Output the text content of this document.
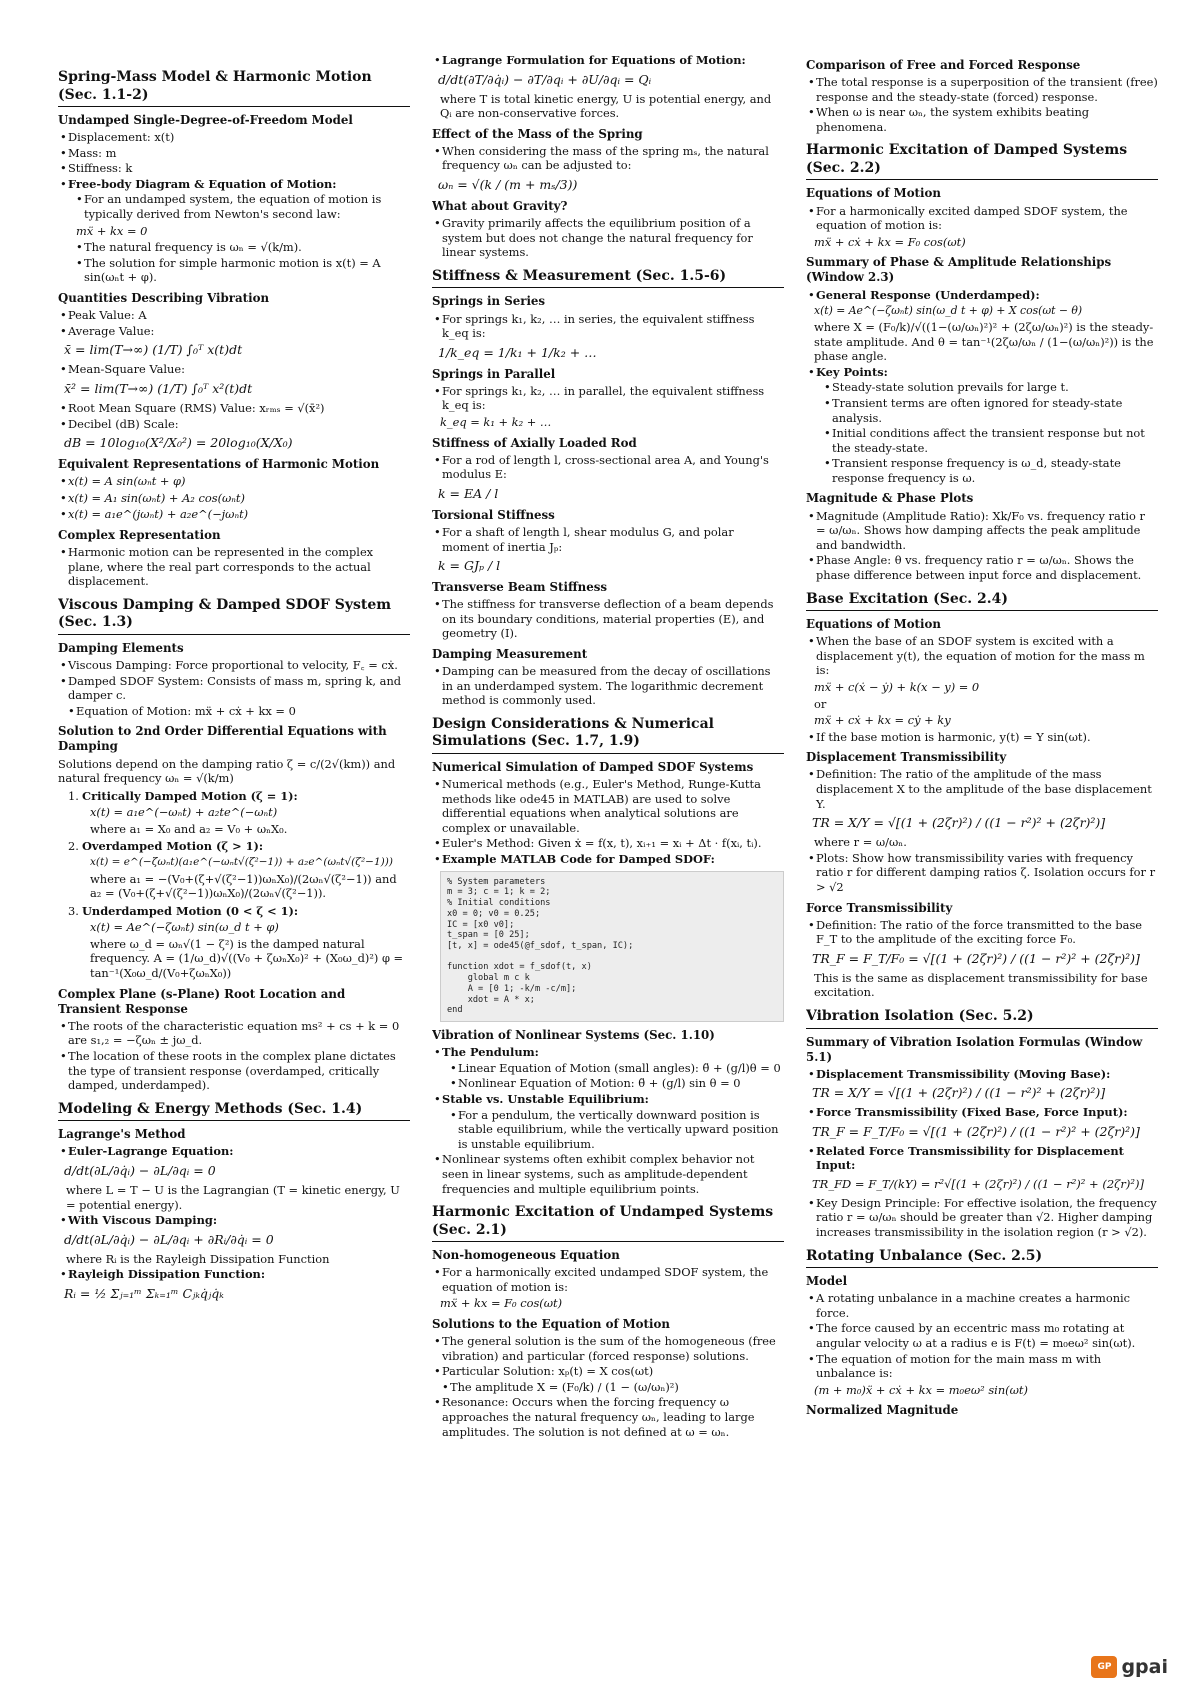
Spring-Mass Model & Harmonic Motion (Sec. 1.1-2)
Undamped Single-Degree-of-Freedom Model
• Displacement: x(t)
• Mass: m
• Stiffness: k
• Free-body Diagram & Equation of Motion:
• For an undamped system, the equation of motion is typically derived from Newton's second law:
mẍ + kx = 0
• The natural frequency is ωₙ = √(k/m).
• The solution for simple harmonic motion is x(t) = A sin(ωₙt + φ).
Quantities Describing Vibration
• Peak Value: A
• Average Value:
x̄ = lim(T→∞) (1/T) ∫₀ᵀ x(t)dt
• Mean-Square Value:
x̄² = lim(T→∞) (1/T) ∫₀ᵀ x²(t)dt
• Root Mean Square (RMS) Value: xᵣₘₛ = √(x̄²)
• Decibel (dB) Scale:
dB = 10log₁₀(X²/X₀²) = 20log₁₀(X/X₀)
Equivalent Representations of Harmonic Motion
• x(t) = A sin(ωₙt + φ)
• x(t) = A₁ sin(ωₙt) + A₂ cos(ωₙt)
• x(t) = a₁e^(jωₙt) + a₂e^(−jωₙt)
Complex Representation
• Harmonic motion can be represented in the complex plane, where the real part corresponds to the actual displacement.
Viscous Damping & Damped SDOF System (Sec. 1.3)
Damping Elements
• Viscous Damping: Force proportional to velocity, F꜀ = cẋ.
• Damped SDOF System: Consists of mass m, spring k, and damper c.
• Equation of Motion: mẍ + cẋ + kx = 0
Solution to 2nd Order Differential Equations with Damping
Solutions depend on the damping ratio ζ = c/(2√(km)) and natural frequency ωₙ = √(k/m)
1. Critically Damped Motion (ζ = 1):
x(t) = a₁e^(−ωₙt) + a₂te^(−ωₙt)
where a₁ = X₀ and a₂ = V₀ + ωₙX₀.
2. Overdamped Motion (ζ > 1):
x(t) = e^(−ζωₙt)(a₁e^(−ωₙt√(ζ²−1)) + a₂e^(ωₙt√(ζ²−1)))
where a₁ = −(V₀+(ζ+√(ζ²−1))ωₙX₀)/(2ωₙ√(ζ²−1)) and a₂ = (V₀+(ζ+√(ζ²−1))ωₙX₀)/(2ωₙ√(ζ²−1)).
3. Underdamped Motion (0 < ζ < 1):
x(t) = Ae^(−ζωₙt) sin(ω_d t + φ)
where ω_d = ωₙ√(1 − ζ²) is the damped natural frequency. A = (1/ω_d)√((V₀ + ζωₙX₀)² + (X₀ω_d)²) φ = tan⁻¹(X₀ω_d/(V₀+ζωₙX₀))
Complex Plane (s-Plane) Root Location and Transient Response
• The roots of the characteristic equation ms² + cs + k = 0 are s₁,₂ = −ζωₙ ± jω_d.
• The location of these roots in the complex plane dictates the type of transient response (overdamped, critically damped, underdamped).
Modeling & Energy Methods (Sec. 1.4)
Lagrange's Method
• Euler-Lagrange Equation:
d/dt(∂L/∂q̇ᵢ) − ∂L/∂qᵢ = 0
where L = T − U is the Lagrangian (T = kinetic energy, U = potential energy).
• With Viscous Damping:
d/dt(∂L/∂q̇ᵢ) − ∂L/∂qᵢ + ∂Rᵢ/∂q̇ᵢ = 0
where Rᵢ is the Rayleigh Dissipation Function
• Rayleigh Dissipation Function:
Rᵢ = ½ Σⱼ₌₁ᵐ Σₖ₌₁ᵐ Cⱼₖq̇ⱼq̇ₖ
• Lagrange Formulation for Equations of Motion:
d/dt(∂T/∂q̇ᵢ) − ∂T/∂qᵢ + ∂U/∂qᵢ = Qᵢ
where T is total kinetic energy, U is potential energy, and Qᵢ are non-conservative forces.
Effect of the Mass of the Spring
• When considering the mass of the spring mₛ, the natural frequency ωₙ can be adjusted to:
ωₙ = √(k / (m + mₛ/3))
What about Gravity?
• Gravity primarily affects the equilibrium position of a system but does not change the natural frequency for linear systems.
Stiffness & Measurement (Sec. 1.5-6)
Springs in Series
• For springs k₁, k₂, … in series, the equivalent stiffness k_eq is:
1/k_eq = 1/k₁ + 1/k₂ + …
Springs in Parallel
• For springs k₁, k₂, … in parallel, the equivalent stiffness k_eq is:
k_eq = k₁ + k₂ + …
Stiffness of Axially Loaded Rod
• For a rod of length l, cross-sectional area A, and Young's modulus E:
k = EA / l
Torsional Stiffness
• For a shaft of length l, shear modulus G, and polar moment of inertia Jₚ:
k = GJₚ / l
Transverse Beam Stiffness
• The stiffness for transverse deflection of a beam depends on its boundary conditions, material properties (E), and geometry (I).
Damping Measurement
• Damping can be measured from the decay of oscillations in an underdamped system. The logarithmic decrement method is commonly used.
Design Considerations & Numerical Simulations (Sec. 1.7, 1.9)
Numerical Simulation of Damped SDOF Systems
• Numerical methods (e.g., Euler's Method, Runge-Kutta methods like ode45 in MATLAB) are used to solve differential equations when analytical solutions are complex or unavailable.
• Euler's Method: Given ẋ = f(x, t), xᵢ₊₁ = xᵢ + Δt · f(xᵢ, tᵢ).
• Example MATLAB Code for Damped SDOF:
% System parameters
m = 3; c = 1; k = 2;
% Initial conditions
x0 = 0; v0 = 0.25;
IC = [x0 v0];
t_span = [0 25];
[t, x] = ode45(@f_sdof, t_span, IC);

function xdot = f_sdof(t, x)
global m c k
A = [0 1; -k/m -c/m];
xdot = A * x;
end
Vibration of Nonlinear Systems (Sec. 1.10)
• The Pendulum:
• Linear Equation of Motion (small angles): θ̈ + (g/l)θ = 0
• Nonlinear Equation of Motion: θ̈ + (g/l) sin θ = 0
• Stable vs. Unstable Equilibrium:
• For a pendulum, the vertically downward position is stable equilibrium, while the vertically upward position is unstable equilibrium.
• Nonlinear systems often exhibit complex behavior not seen in linear systems, such as amplitude-dependent frequencies and multiple equilibrium points.
Harmonic Excitation of Undamped Systems (Sec. 2.1)
Non-homogeneous Equation
• For a harmonically excited undamped SDOF system, the equation of motion is:
mẍ + kx = F₀ cos(ωt)
Solutions to the Equation of Motion
• The general solution is the sum of the homogeneous (free vibration) and particular (forced response) solutions.
• Particular Solution: xₚ(t) = X cos(ωt)
• The amplitude X = (F₀/k) / (1 − (ω/ωₙ)²)
• Resonance: Occurs when the forcing frequency ω approaches the natural frequency ωₙ, leading to large amplitudes. The solution is not defined at ω = ωₙ.
Comparison of Free and Forced Response
• The total response is a superposition of the transient (free) response and the steady-state (forced) response.
• When ω is near ωₙ, the system exhibits beating phenomena.
Harmonic Excitation of Damped Systems (Sec. 2.2)
Equations of Motion
• For a harmonically excited damped SDOF system, the equation of motion is:
mẍ + cẋ + kx = F₀ cos(ωt)
Summary of Phase & Amplitude Relationships (Window 2.3)
• General Response (Underdamped):
x(t) = Ae^(−ζωₙt) sin(ω_d t + φ) + X cos(ωt − θ)
where X = (F₀/k)/√((1−(ω/ωₙ)²)² + (2ζω/ωₙ)²) is the steady-state amplitude. And θ = tan⁻¹(2ζω/ωₙ / (1−(ω/ωₙ)²)) is the phase angle.
• Key Points:
• Steady-state solution prevails for large t.
• Transient terms are often ignored for steady-state analysis.
• Initial conditions affect the transient response but not the steady-state.
• Transient response frequency is ω_d, steady-state response frequency is ω.
Magnitude & Phase Plots
• Magnitude (Amplitude Ratio): Xk/F₀ vs. frequency ratio r = ω/ωₙ. Shows how damping affects the peak amplitude and bandwidth.
• Phase Angle: θ vs. frequency ratio r = ω/ωₙ. Shows the phase difference between input force and displacement.
Base Excitation (Sec. 2.4)
Equations of Motion
• When the base of an SDOF system is excited with a displacement y(t), the equation of motion for the mass m is:
mẍ + c(ẋ − ẏ) + k(x − y) = 0
or
mẍ + cẋ + kx = cẏ + ky
• If the base motion is harmonic, y(t) = Y sin(ωt).
Displacement Transmissibility
• Definition: The ratio of the amplitude of the mass displacement X to the amplitude of the base displacement Y.
TR = X/Y = √[(1 + (2ζr)²) / ((1 − r²)² + (2ζr)²)]
where r = ω/ωₙ.
• Plots: Show how transmissibility varies with frequency ratio r for different damping ratios ζ. Isolation occurs for r > √2
Force Transmissibility
• Definition: The ratio of the force transmitted to the base F_T to the amplitude of the exciting force F₀.
TR_F = F_T/F₀ = √[(1 + (2ζr)²) / ((1 − r²)² + (2ζr)²)]
This is the same as displacement transmissibility for base excitation.
Vibration Isolation (Sec. 5.2)
Summary of Vibration Isolation Formulas (Window 5.1)
• Displacement Transmissibility (Moving Base):
TR = X/Y = √[(1 + (2ζr)²) / ((1 − r²)² + (2ζr)²)]
• Force Transmissibility (Fixed Base, Force Input):
TR_F = F_T/F₀ = √[(1 + (2ζr)²) / ((1 − r²)² + (2ζr)²)]
• Related Force Transmissibility for Displacement Input:
TR_FD = F_T/(kY) = r²√[(1 + (2ζr)²) / ((1 − r²)² + (2ζr)²)]
• Key Design Principle: For effective isolation, the frequency ratio r = ω/ωₙ should be greater than √2. Higher damping increases transmissibility in the isolation region (r > √2).
Rotating Unbalance (Sec. 2.5)
Model
• A rotating unbalance in a machine creates a harmonic force.
• The force caused by an eccentric mass m₀ rotating at angular velocity ω at a radius e is F(t) = m₀eω² sin(ωt).
• The equation of motion for the main mass m with unbalance is:
(m + m₀)ẍ + cẋ + kx = m₀eω² sin(ωt)
Normalized Magnitude
GP gpai
